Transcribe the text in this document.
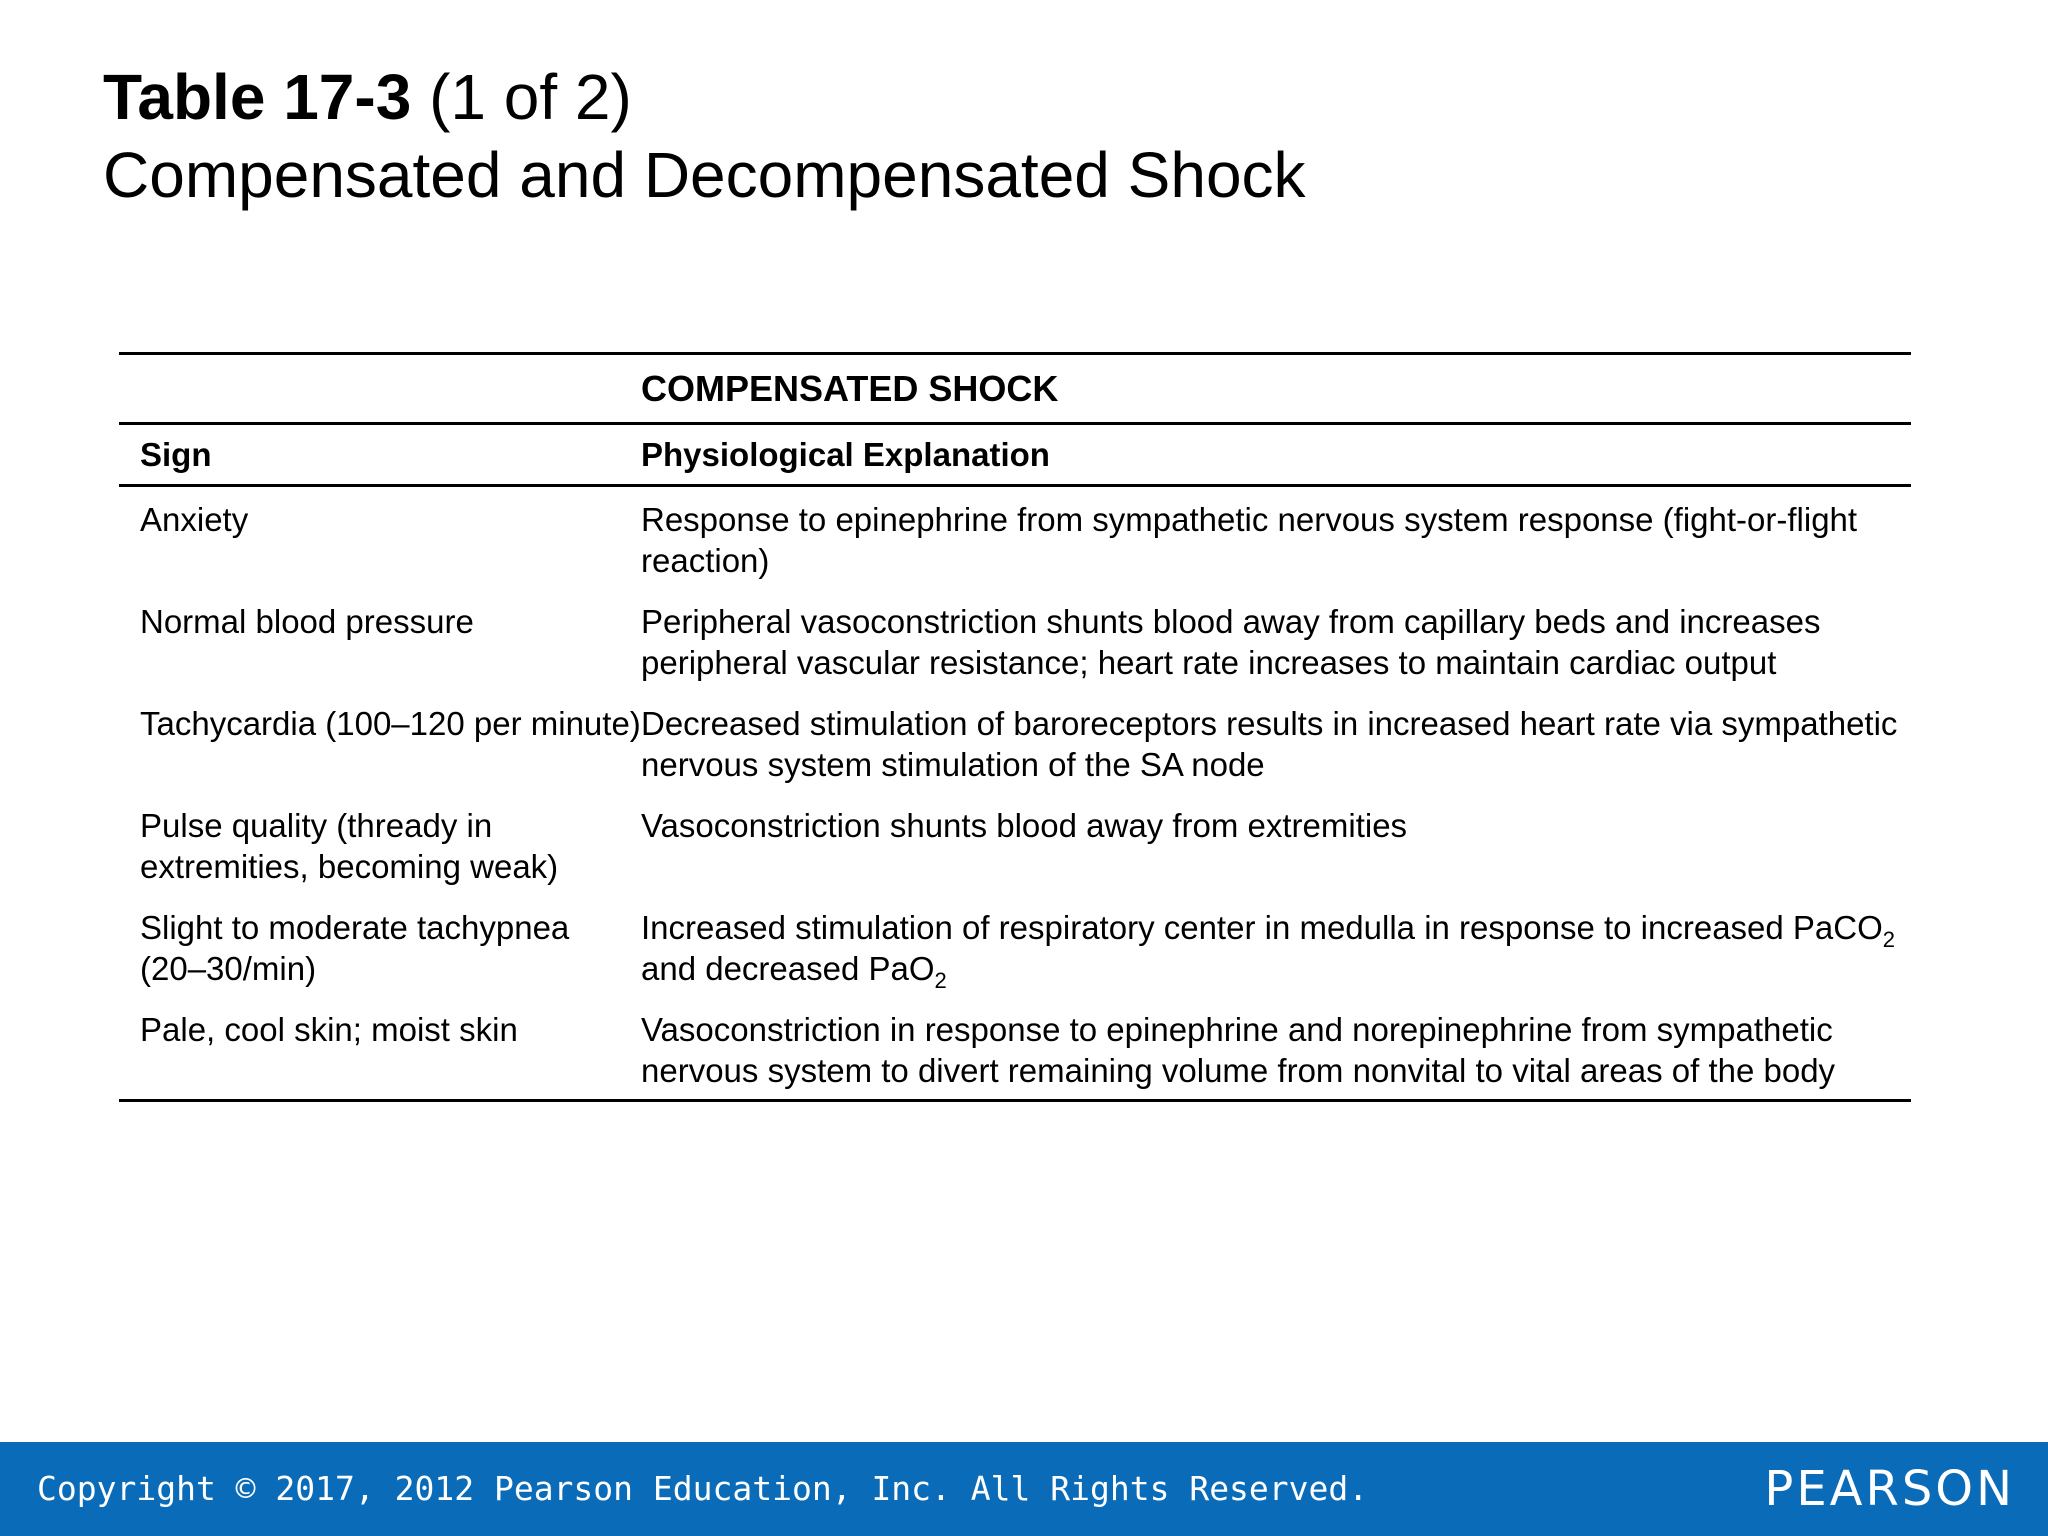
Table 17-3 (1 of 2)
Compensated and Decompensated Shock
	COMPENSATED SHOCK
Sign	Physiological Explanation
Anxiety	Response to epinephrine from sympathetic nervous system response (fight-or-flight reaction)
Normal blood pressure	Peripheral vasoconstriction shunts blood away from capillary beds and increases peripheral vascular resistance; heart rate increases to maintain cardiac output
Tachycardia (100–120 per minute)	Decreased stimulation of baroreceptors results in increased heart rate via sympathetic nervous system stimulation of the SA node
Pulse quality (thready in extremities, becoming weak)	Vasoconstriction shunts blood away from extremities
Slight to moderate tachypnea (20–30/min)	Increased stimulation of respiratory center in medulla in response to increased PaCO$_2$ and decreased PaO$_2$
Pale, cool skin; moist skin	Vasoconstriction in response to epinephrine and norepinephrine from sympathetic nervous system to divert remaining volume from nonvital to vital areas of the body
Copyright © 2017, 2012 Pearson Education, Inc. All Rights Reserved.	PEARSON
